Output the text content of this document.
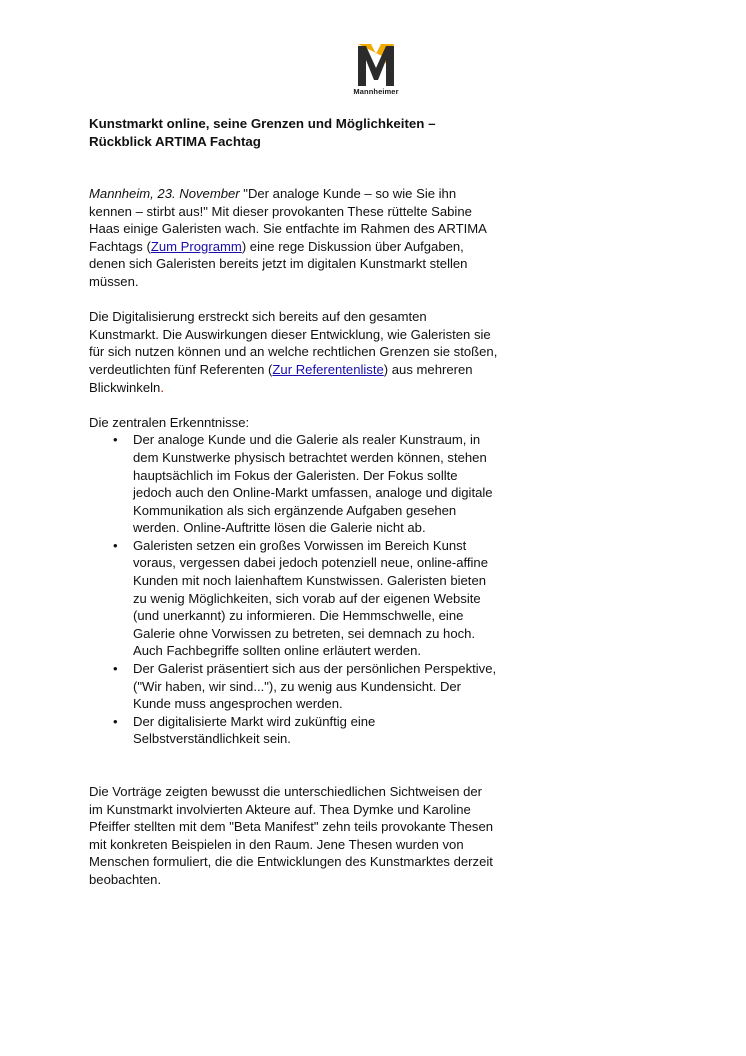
Mannheimer
Kunstmarkt online, seine Grenzen und Möglichkeiten – Rückblick ARTIMA Fachtag

Mannheim, 23. November "Der analoge Kunde – so wie Sie ihn kennen – stirbt aus!" Mit dieser provokanten These rüttelte Sabine Haas einige Galeristen wach. Sie entfachte im Rahmen des ARTIMA Fachtags (Zum Programm) eine rege Diskussion über Aufgaben, denen sich Galeristen bereits jetzt im digitalen Kunstmarkt stellen müssen.

Die Digitalisierung erstreckt sich bereits auf den gesamten Kunstmarkt. Die Auswirkungen dieser Entwicklung, wie Galeristen sie für sich nutzen können und an welche rechtlichen Grenzen sie stoßen, verdeutlichten fünf Referenten (Zur Referentenliste) aus mehreren Blickwinkeln.

Die zentralen Erkenntnisse:

• Der analoge Kunde und die Galerie als realer Kunstraum, in dem Kunstwerke physisch betrachtet werden können, stehen hauptsächlich im Fokus der Galeristen. Der Fokus sollte jedoch auch den Online-Markt umfassen, analoge und digitale Kommunikation als sich ergänzende Aufgaben gesehen werden. Online-Auftritte lösen die Galerie nicht ab.
• Galeristen setzen ein großes Vorwissen im Bereich Kunst voraus, vergessen dabei jedoch potenziell neue, online-affine Kunden mit noch laienhaftem Kunstwissen. Galeristen bieten zu wenig Möglichkeiten, sich vorab auf der eigenen Website (und unerkannt) zu informieren. Die Hemmschwelle, eine Galerie ohne Vorwissen zu betreten, sei demnach zu hoch. Auch Fachbegriffe sollten online erläutert werden.
• Der Galerist präsentiert sich aus der persönlichen Perspektive, ("Wir haben, wir sind..."), zu wenig aus Kundensicht. Der Kunde muss angesprochen werden.
• Der digitalisierte Markt wird zukünftig eine Selbstverständlichkeit sein.

Die Vorträge zeigten bewusst die unterschiedlichen Sichtweisen der im Kunstmarkt involvierten Akteure auf. Thea Dymke und Karoline Pfeiffer stellten mit dem "Beta Manifest" zehn teils provokante Thesen mit konkreten Beispielen in den Raum. Jene Thesen wurden von Menschen formuliert, die die Entwicklungen des Kunstmarktes derzeit beobachten.
